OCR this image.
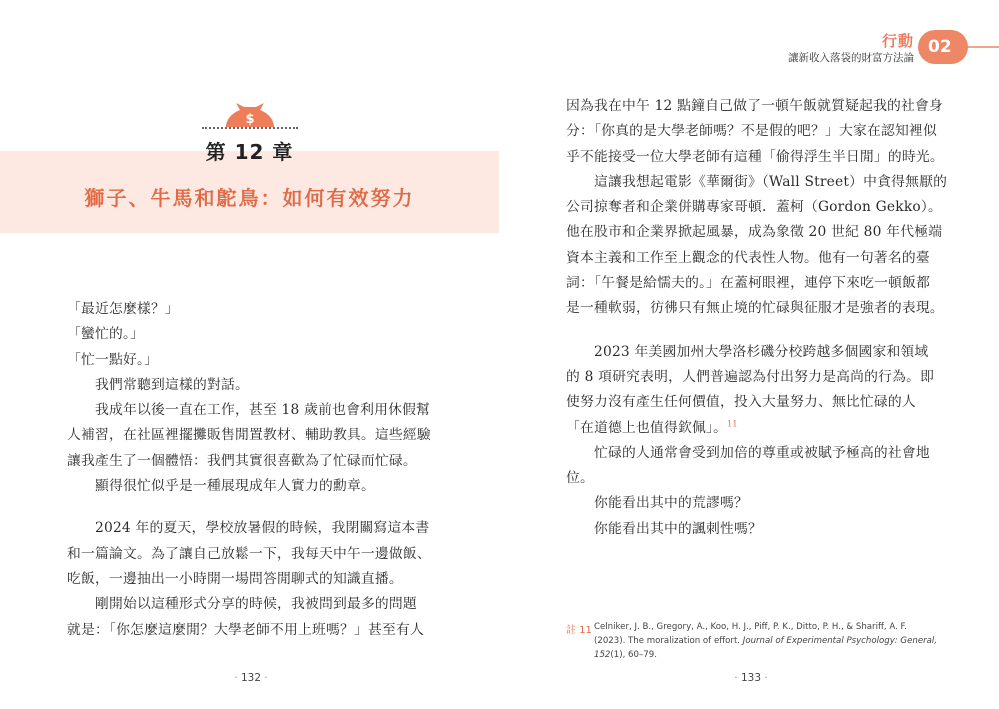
行動
讓新收入落袋的財富方法論
02
$
第 12 章
獅子、牛馬和鴕鳥：如何有效努力
「最近怎麼樣？」
「蠻忙的。」
「忙一點好。」
我們常聽到這樣的對話。
我成年以後一直在工作，甚至 18 歲前也會利用休假幫
人補習，在社區裡擺攤販售閒置教材、輔助教具。這些經驗
讓我產生了一個體悟：我們其實很喜歡為了忙碌而忙碌。
顯得很忙似乎是一種展現成年人實力的勳章。
2024 年的夏天，學校放暑假的時候，我閉關寫這本書
和一篇論文。為了讓自己放鬆一下，我每天中午一邊做飯、
吃飯，一邊抽出一小時開一場問答閒聊式的知識直播。
剛開始以這種形式分享的時候，我被問到最多的問題
就是：「你怎麼這麼閒？大學老師不用上班嗎？」甚至有人
因為我在中午 12 點鐘自己做了一頓午飯就質疑起我的社會身
分：「你真的是大學老師嗎？不是假的吧？」大家在認知裡似
乎不能接受一位大學老師有這種「偷得浮生半日閒」的時光。
這讓我想起電影《華爾街》（Wall Street）中貪得無厭的
公司掠奪者和企業併購專家哥頓．蓋柯（Gordon Gekko）。
他在股市和企業界掀起風暴，成為象徵 20 世紀 80 年代極端
資本主義和工作至上觀念的代表性人物。他有一句著名的臺
詞：「午餐是給懦夫的。」在蓋柯眼裡，連停下來吃一頓飯都
是一種軟弱，彷彿只有無止境的忙碌與征服才是強者的表現。
2023 年美國加州大學洛杉磯分校跨越多個國家和領域
的 8 項研究表明，人們普遍認為付出努力是高尚的行為。即
使努力沒有產生任何價值，投入大量努力、無比忙碌的人
「在道德上也值得欽佩」。$^{11}$
忙碌的人通常會受到加倍的尊重或被賦予極高的社會地
位。
你能看出其中的荒謬嗎？
你能看出其中的諷刺性嗎？
註 11 Celniker, J. B., Gregory, A., Koo, H. J., Piff, P. K., Ditto, P. H., & Shariff, A. F. (2023). The moralization of effort. Journal of Experimental Psychology: General, 152(1), 60–79.
· 132 ·	· 133 ·
